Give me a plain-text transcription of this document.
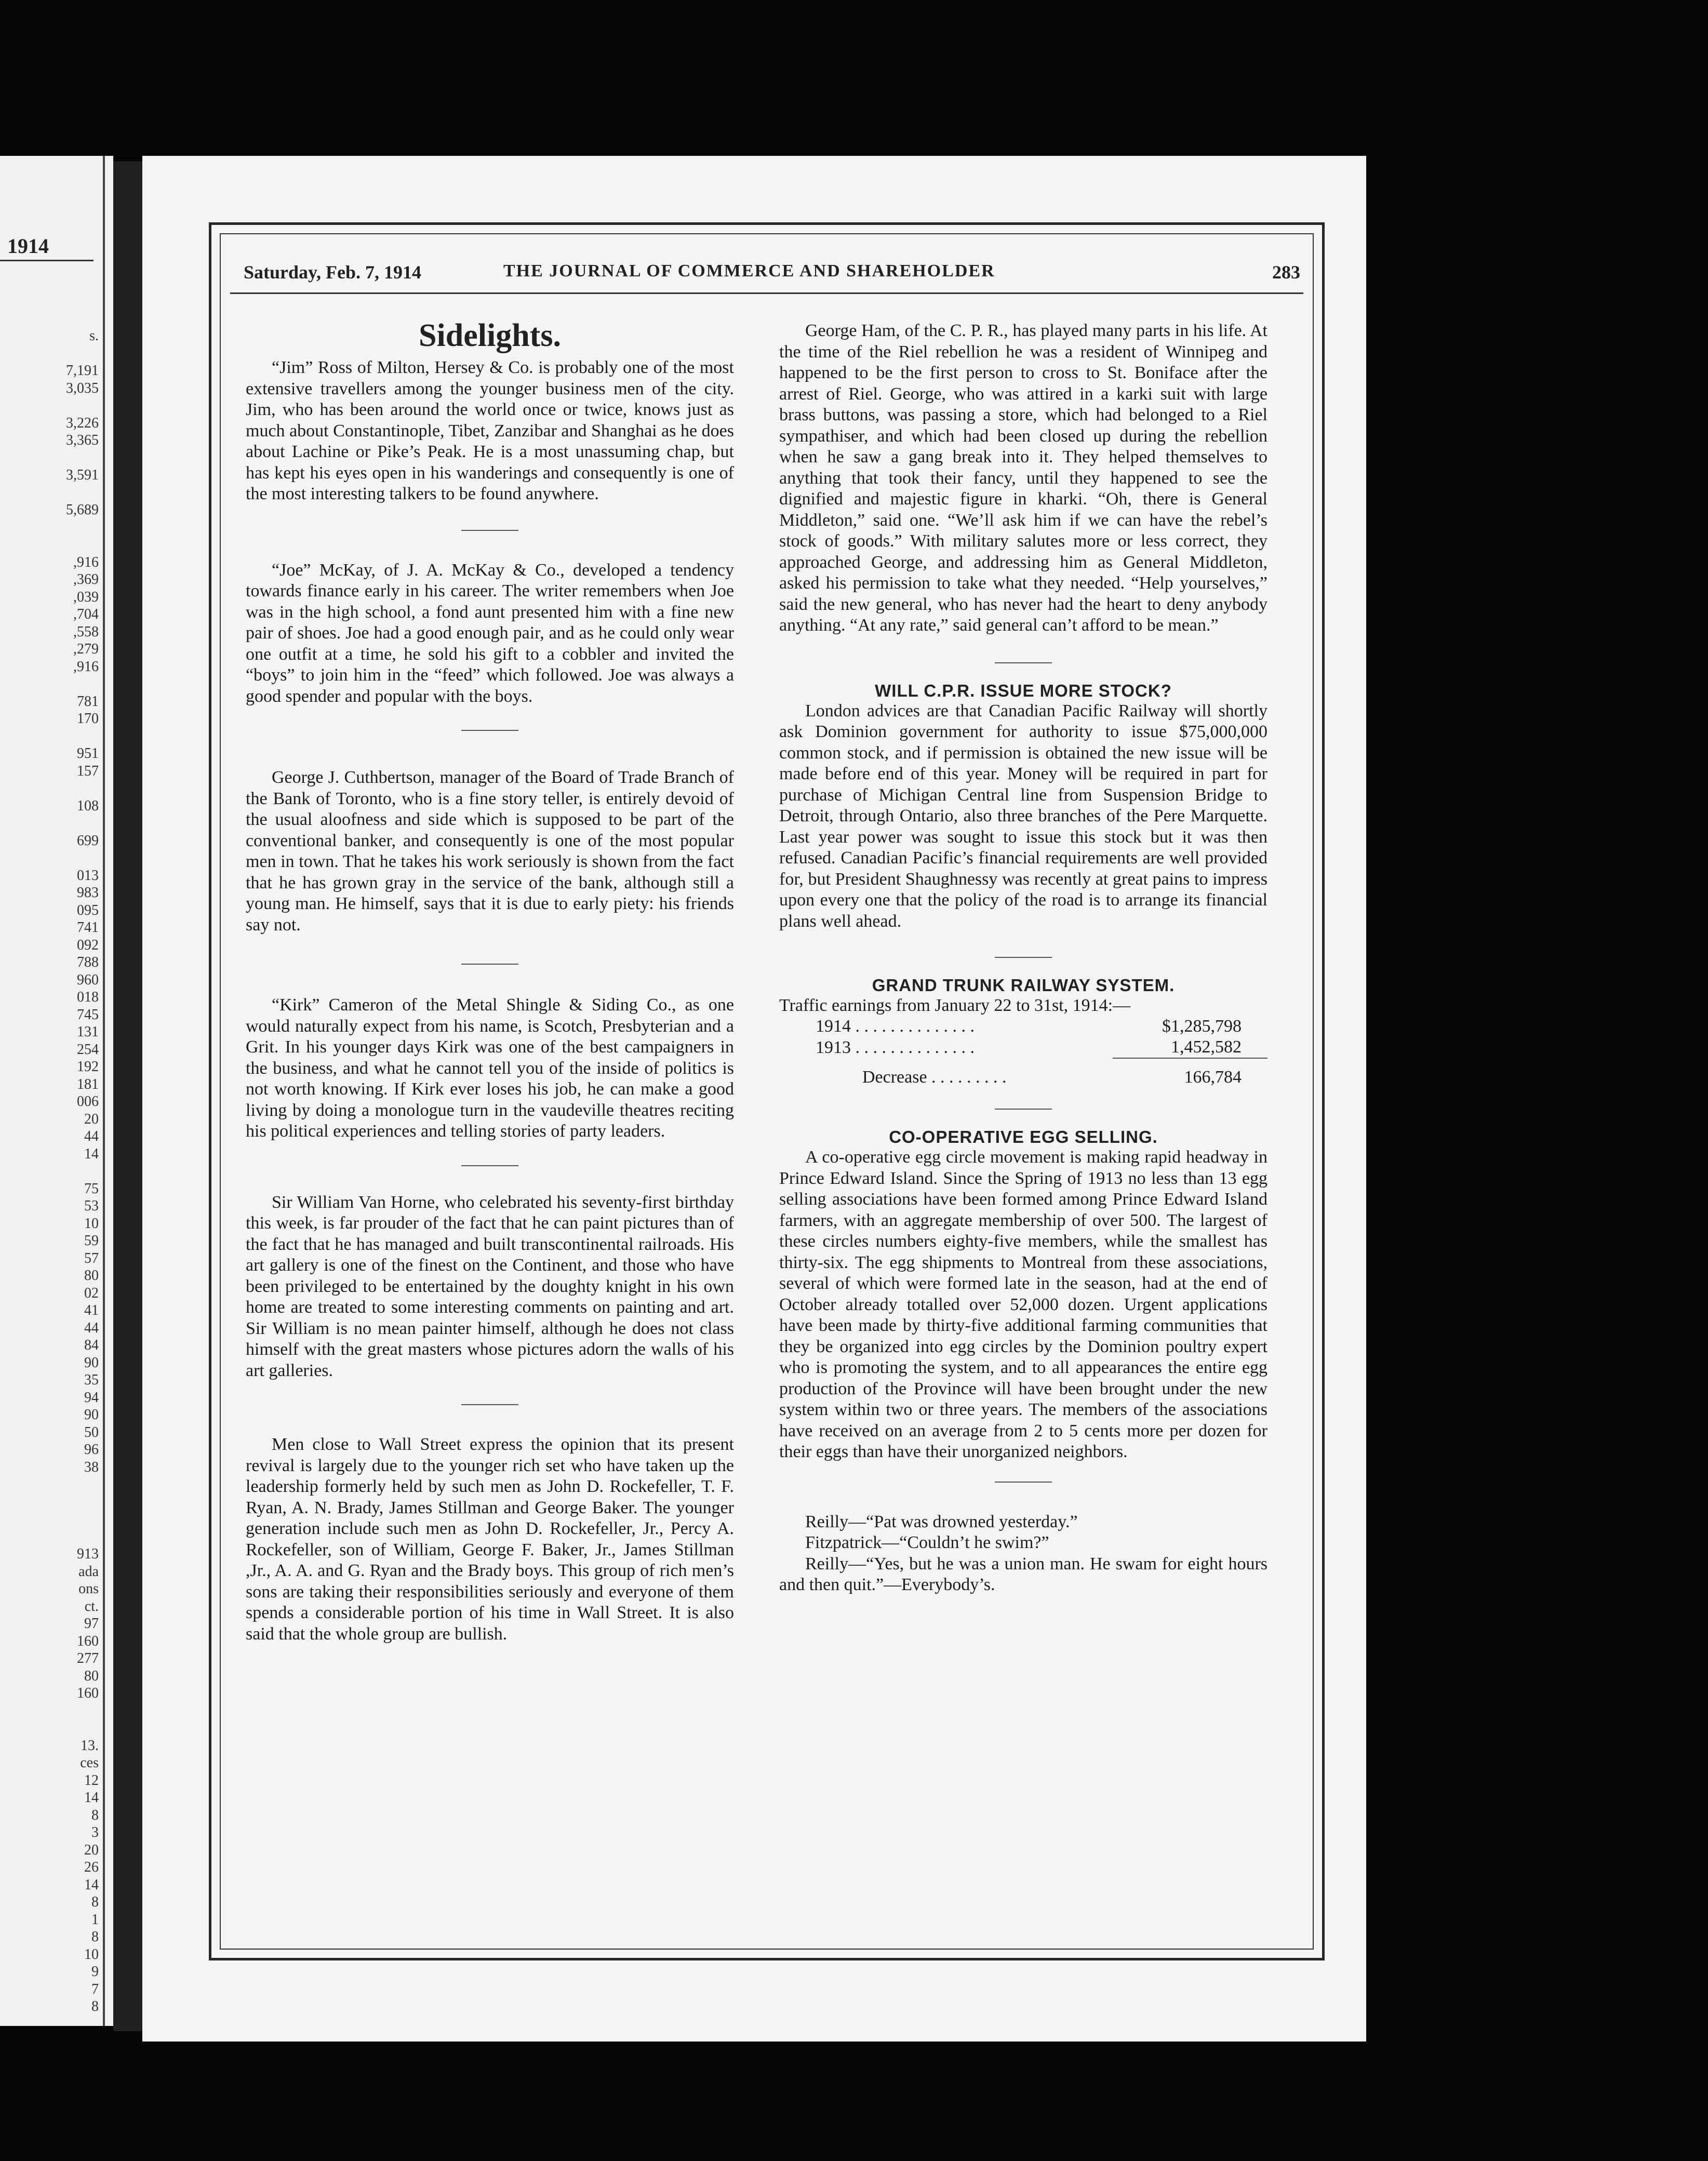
1914
s.

7,191
3,035

3,226
3,365

3,591

5,689

,916
,369
,039
,704
,558
,279
,916

781
170

951
157

108

699

013
983
095
741
092
788
960
018
745
131
254
192
181
006
20
44
14

75
53
10
59
57
80
02
41
44
84
90
35
94
90
50
96
38

913
ada
ons
ct.
97
160
277
80
160

13.
ces
12
14
8
3
20
26
14
8
1
8
10
9
7
8
Saturday, Feb. 7, 1914	THE JOURNAL OF COMMERCE AND SHAREHOLDER	283
Sidelights.

“Jim” Ross of Milton, Hersey & Co. is probably one of the most extensive travellers among the younger business men of the city. Jim, who has been around the world once or twice, knows just as much about Constantinople, Tibet, Zanzibar and Shanghai as he does about Lachine or Pike’s Peak. He is a most unassuming chap, but has kept his eyes open in his wanderings and consequently is one of the most interesting talkers to be found anywhere.

“Joe” McKay, of J. A. McKay & Co., developed a tendency towards finance early in his career. The writer remembers when Joe was in the high school, a fond aunt presented him with a fine new pair of shoes. Joe had a good enough pair, and as he could only wear one outfit at a time, he sold his gift to a cobbler and invited the “boys” to join him in the “feed” which followed. Joe was always a good spender and popular with the boys.

George J. Cuthbertson, manager of the Board of Trade Branch of the Bank of Toronto, who is a fine story teller, is entirely devoid of the usual aloofness and side which is supposed to be part of the conventional banker, and consequently is one of the most popular men in town. That he takes his work seriously is shown from the fact that he has grown gray in the service of the bank, although still a young man. He himself, says that it is due to early piety: his friends say not.

“Kirk” Cameron of the Metal Shingle & Siding Co., as one would naturally expect from his name, is Scotch, Presbyterian and a Grit. In his younger days Kirk was one of the best campaigners in the business, and what he cannot tell you of the inside of politics is not worth knowing. If Kirk ever loses his job, he can make a good living by doing a monologue turn in the vaudeville theatres reciting his political experiences and telling stories of party leaders.

Sir William Van Horne, who celebrated his seventy-first birthday this week, is far prouder of the fact that he can paint pictures than of the fact that he has managed and built transcontinental railroads. His art gallery is one of the finest on the Continent, and those who have been privileged to be entertained by the doughty knight in his own home are treated to some interesting comments on painting and art. Sir William is no mean painter himself, although he does not class himself with the great masters whose pictures adorn the walls of his art galleries.

Men close to Wall Street express the opinion that its present revival is largely due to the younger rich set who have taken up the leadership formerly held by such men as John D. Rockefeller, T. F. Ryan, A. N. Brady, James Stillman and George Baker. The younger generation include such men as John D. Rockefeller, Jr., Percy A. Rockefeller, son of William, George F. Baker, Jr., James Stillman ,Jr., A. A. and G. Ryan and the Brady boys. This group of rich men’s sons are taking their responsibilities seriously and everyone of them spends a considerable portion of his time in Wall Street. It is also said that the whole group are bullish.

George Ham, of the C. P. R., has played many parts in his life. At the time of the Riel rebellion he was a resident of Winnipeg and happened to be the first person to cross to St. Boniface after the arrest of Riel. George, who was attired in a karki suit with large brass buttons, was passing a store, which had belonged to a Riel sympathiser, and which had been closed up during the rebellion when he saw a gang break into it. They helped themselves to anything that took their fancy, until they happened to see the dignified and majestic figure in kharki. “Oh, there is General Middleton,” said one. “We’ll ask him if we can have the rebel’s stock of goods.” With military salutes more or less correct, they approached George, and addressing him as General Middleton, asked his permission to take what they needed. “Help yourselves,” said the new general, who has never had the heart to deny anybody anything. “At any rate,” said general can’t afford to be mean.”

WILL C.P.R. ISSUE MORE STOCK?

London advices are that Canadian Pacific Railway will shortly ask Dominion government for authority to issue $75,000,000 common stock, and if permission is obtained the new issue will be made before end of this year. Money will be required in part for purchase of Michigan Central line from Suspension Bridge to Detroit, through Ontario, also three branches of the Pere Marquette. Last year power was sought to issue this stock but it was then refused. Canadian Pacific’s financial requirements are well provided for, but President Shaughnessy was recently at great pains to impress upon every one that the policy of the road is to arrange its financial plans well ahead.

GRAND TRUNK RAILWAY SYSTEM.
Traffic earnings from January 22 to 31st, 1914:—	
1914 . . . . . . . . . . . . . .	$1,285,798
1913 . . . . . . . . . . . . . .	1,452,582
Decrease . . . . . . . . .	166,784
CO-OPERATIVE EGG SELLING.

A co-operative egg circle movement is making rapid headway in Prince Edward Island. Since the Spring of 1913 no less than 13 egg selling associations have been formed among Prince Edward Island farmers, with an aggregate membership of over 500. The largest of these circles numbers eighty-five members, while the smallest has thirty-six. The egg shipments to Montreal from these associations, several of which were formed late in the season, had at the end of October already totalled over 52,000 dozen. Urgent applications have been made by thirty-five additional farming communities that they be organized into egg circles by the Dominion poultry expert who is promoting the system, and to all appearances the entire egg production of the Province will have been brought under the new system within two or three years. The members of the associations have received on an average from 2 to 5 cents more per dozen for their eggs than have their unorganized neighbors.

Reilly—“Pat was drowned yesterday.”

Fitzpatrick—“Couldn’t he swim?”

Reilly—“Yes, but he was a union man. He swam for eight hours and then quit.”—Everybody’s.
